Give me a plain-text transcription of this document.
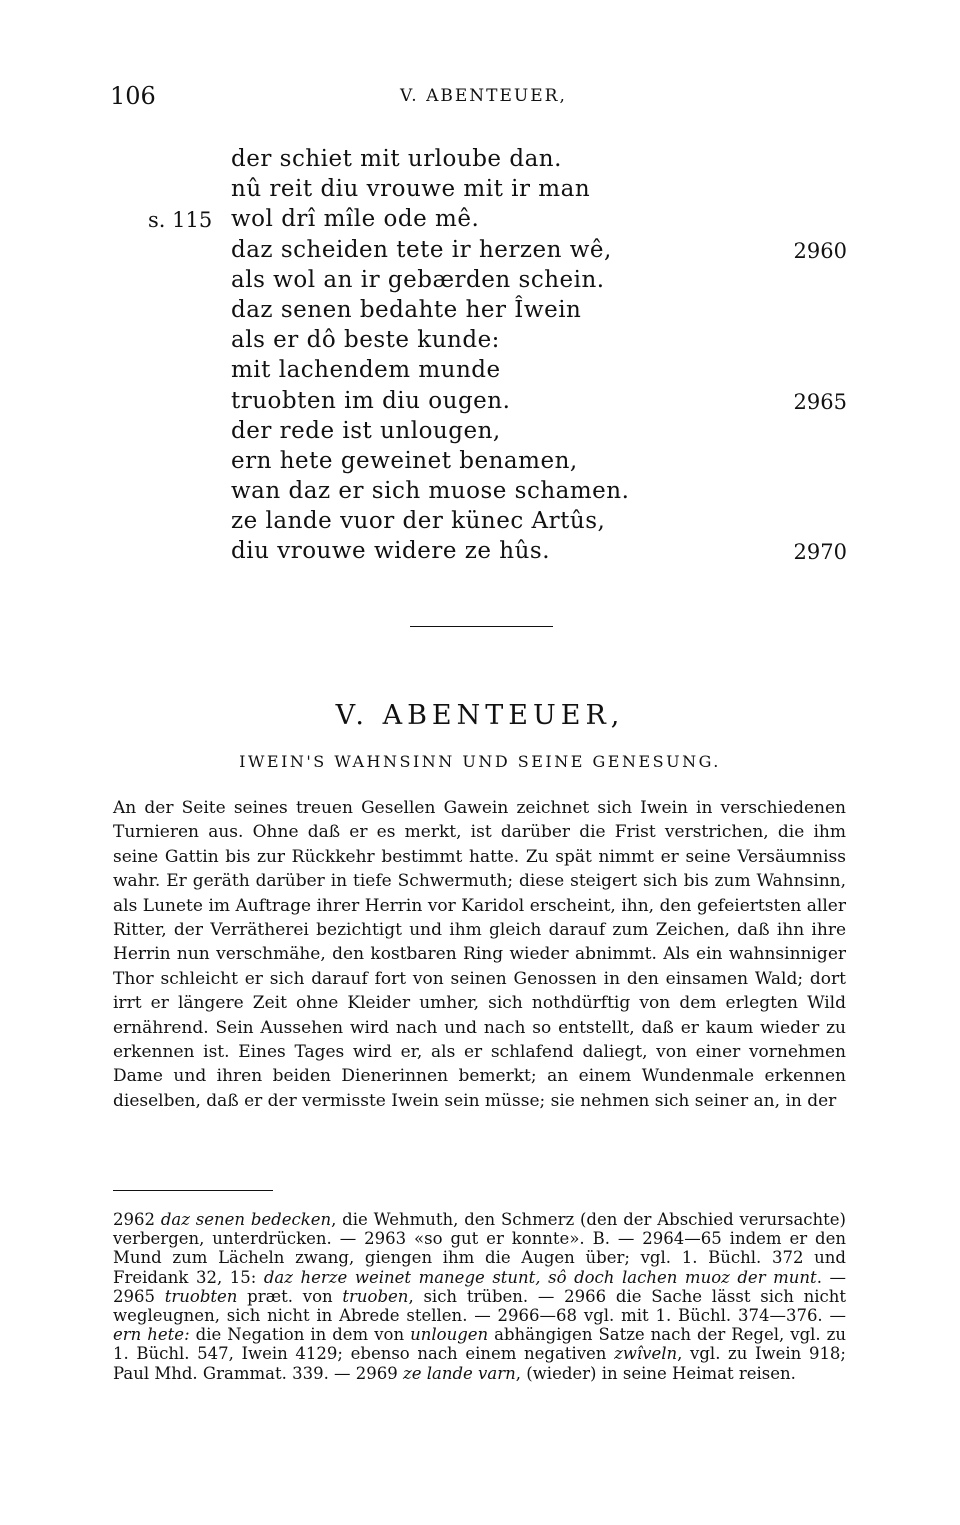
106	V. ABENTEUER,
der schiet mit urloube dan.
nû reit diu vrouwe mit ir man
s. 115 wol drî mîle ode mê.
daz scheiden tete ir herzen wê,	2960
als wol an ir gebærden schein.
daz senen bedahte her Îwein
als er dô beste kunde:
mit lachendem munde
truobten im diu ougen.	2965
der rede ist unlougen,
ern hete geweinet benamen,
wan daz er sich muose schamen.
ze lande vuor der künec Artûs,
diu vrouwe widere ze hûs.	2970
V. ABENTEUER,
IWEIN'S WAHNSINN UND SEINE GENESUNG.
An der Seite seines treuen Gesellen Gawein zeichnet sich Iwein in verschiedenen Turnieren aus. Ohne daß er es merkt, ist darüber die Frist verstrichen, die ihm seine Gattin bis zur Rückkehr bestimmt hatte. Zu spät nimmt er seine Versäumniss wahr. Er geräth darüber in tiefe Schwermuth; diese steigert sich bis zum Wahnsinn, als Lunete im Auftrage ihrer Herrin vor Karidol erscheint, ihn, den gefeiertsten aller Ritter, der Verrätherei bezichtigt und ihm gleich darauf zum Zeichen, daß ihn ihre Herrin nun verschmähe, den kostbaren Ring wieder abnimmt. Als ein wahnsinniger Thor schleicht er sich darauf fort von seinen Genossen in den einsamen Wald; dort irrt er längere Zeit ohne Kleider umher, sich nothdürftig von dem erlegten Wild ernährend. Sein Aussehen wird nach und nach so entstellt, daß er kaum wieder zu erkennen ist. Eines Tages wird er, als er schlafend daliegt, von einer vornehmen Dame und ihren beiden Dienerinnen bemerkt; an einem Wundenmale erkennen dieselben, daß er der vermisste Iwein sein müsse; sie nehmen sich seiner an, in der
2962 daz senen bedecken, die Wehmuth, den Schmerz (den der Abschied verursachte) verbergen, unterdrücken. — 2963 «so gut er konnte». B. — 2964—65 indem er den Mund zum Lächeln zwang, giengen ihm die Augen über; vgl. 1. Büchl. 372 und Freidank 32, 15: daz herze weinet manege stunt, sô doch lachen muoz der munt. — 2965 truobten præt. von truoben, sich trüben. — 2966 die Sache lässt sich nicht wegleugnen, sich nicht in Abrede stellen. — 2966—68 vgl. mit 1. Büchl. 374—376. — ern hete: die Negation in dem von unlougen abhängigen Satze nach der Regel, vgl. zu 1. Büchl. 547, Iwein 4129; ebenso nach einem negativen zwîveln, vgl. zu Iwein 918; Paul Mhd. Grammat. 339. — 2969 ze lande varn, (wieder) in seine Heimat reisen.
